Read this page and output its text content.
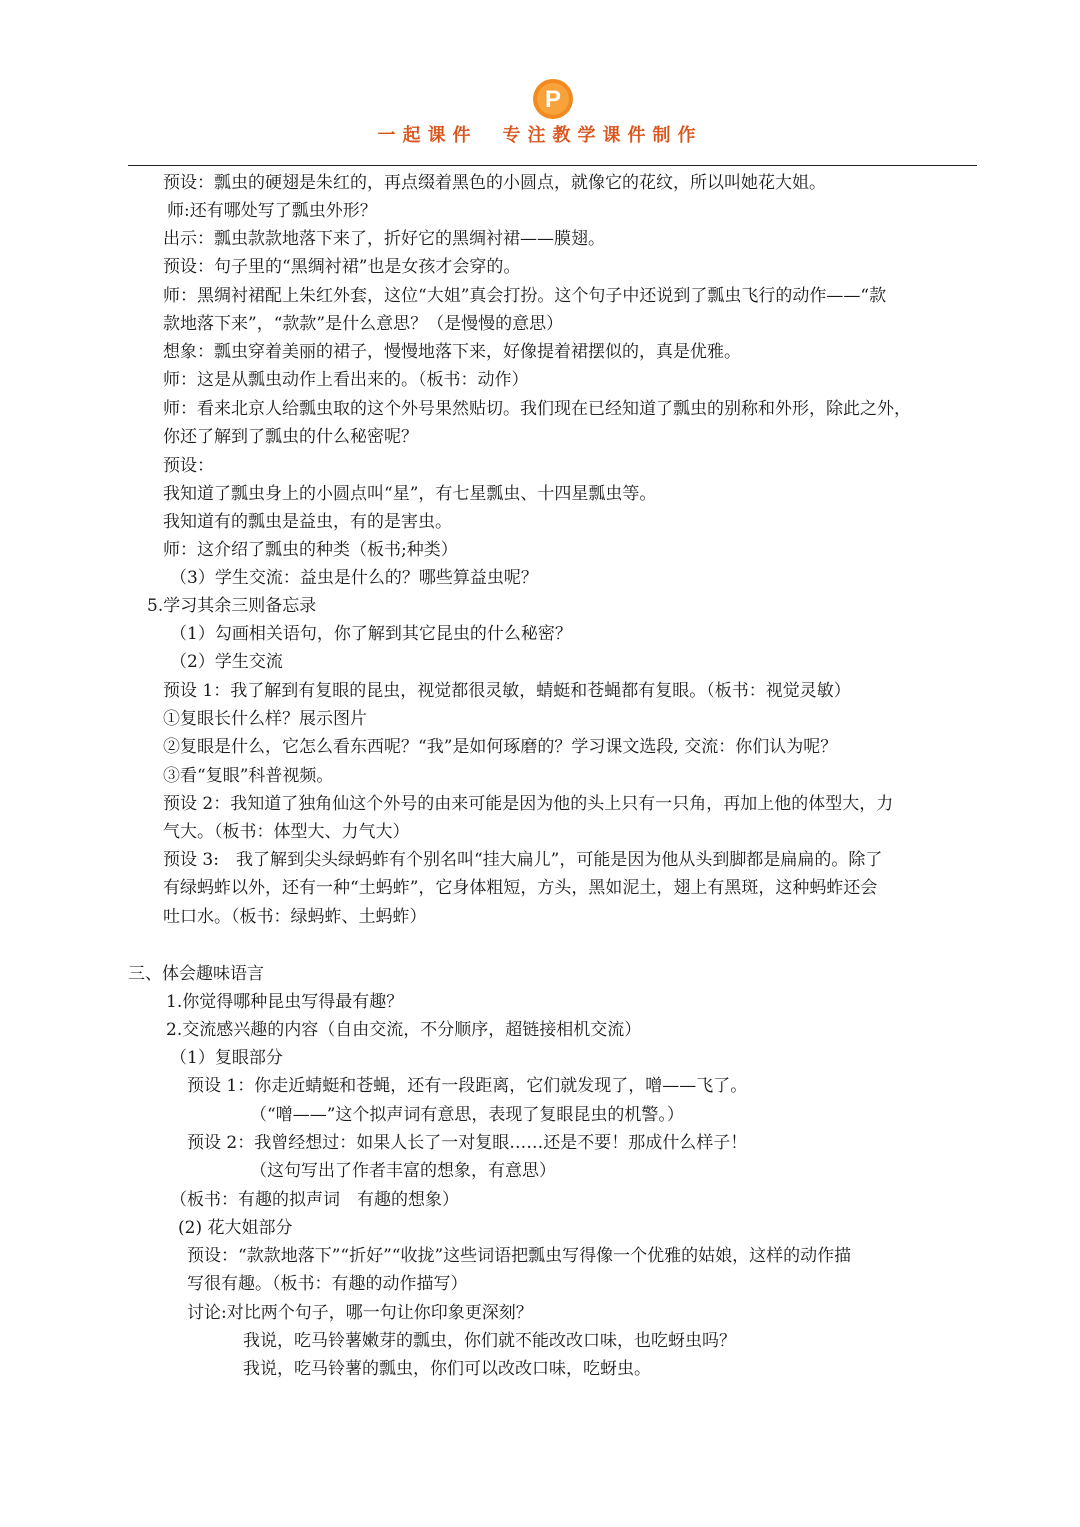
P
一起课件　专注教学课件制作
预设：瓢虫的硬翅是朱红的，再点缀着黑色的小圆点，就像它的花纹，所以叫她花大姐。
师:还有哪处写了瓢虫外形？
出示：瓢虫款款地落下来了，折好它的黑绸衬裙——膜翅。
预设：句子里的“黑绸衬裙”也是女孩才会穿的。
师：黑绸衬裙配上朱红外套，这位“大姐”真会打扮。这个句子中还说到了瓢虫飞行的动作——“款
款地落下来”，“款款”是什么意思？（是慢慢的意思）
想象：瓢虫穿着美丽的裙子，慢慢地落下来，好像提着裙摆似的，真是优雅。
师：这是从瓢虫动作上看出来的。（板书：动作）
师：看来北京人给瓢虫取的这个外号果然贴切。我们现在已经知道了瓢虫的别称和外形，除此之外，
你还了解到了瓢虫的什么秘密呢？
预设：
我知道了瓢虫身上的小圆点叫“星”，有七星瓢虫、十四星瓢虫等。
我知道有的瓢虫是益虫，有的是害虫。
师：这介绍了瓢虫的种类（板书;种类）
（3）学生交流：益虫是什么的？哪些算益虫呢？
5.学习其余三则备忘录
（1）勾画相关语句，你了解到其它昆虫的什么秘密？
（2）学生交流
预设 1：我了解到有复眼的昆虫，视觉都很灵敏，蜻蜓和苍蝇都有复眼。（板书：视觉灵敏）
①复眼长什么样？展示图片
②复眼是什么，它怎么看东西呢？“我”是如何琢磨的？学习课文选段, 交流：你们认为呢？
③看“复眼”科普视频。
预设 2：我知道了独角仙这个外号的由来可能是因为他的头上只有一只角，再加上他的体型大，力
气大。（板书：体型大、力气大）
预设 3:　我了解到尖头绿蚂蚱有个别名叫“挂大扁儿”，可能是因为他从头到脚都是扁扁的。除了
有绿蚂蚱以外，还有一种“土蚂蚱”，它身体粗短，方头，黑如泥土，翅上有黑斑，这种蚂蚱还会
吐口水。（板书：绿蚂蚱、土蚂蚱）
三、体会趣味语言
1.你觉得哪种昆虫写得最有趣？
2.交流感兴趣的内容（自由交流，不分顺序，超链接相机交流）
（1）复眼部分
预设 1：你走近蜻蜓和苍蝇，还有一段距离，它们就发现了，噌——飞了。
（“噌——”这个拟声词有意思，表现了复眼昆虫的机警。）
预设 2：我曾经想过：如果人长了一对复眼……还是不要！那成什么样子！
（这句写出了作者丰富的想象，有意思）
（板书：有趣的拟声词　有趣的想象）
(2) 花大姐部分
预设：“款款地落下”“折好”“收拢”这些词语把瓢虫写得像一个优雅的姑娘，这样的动作描
写很有趣。（板书：有趣的动作描写）
讨论:对比两个句子，哪一句让你印象更深刻？
我说，吃马铃薯嫩芽的瓢虫，你们就不能改改口味，也吃蚜虫吗？
我说，吃马铃薯的瓢虫，你们可以改改口味，吃蚜虫。
